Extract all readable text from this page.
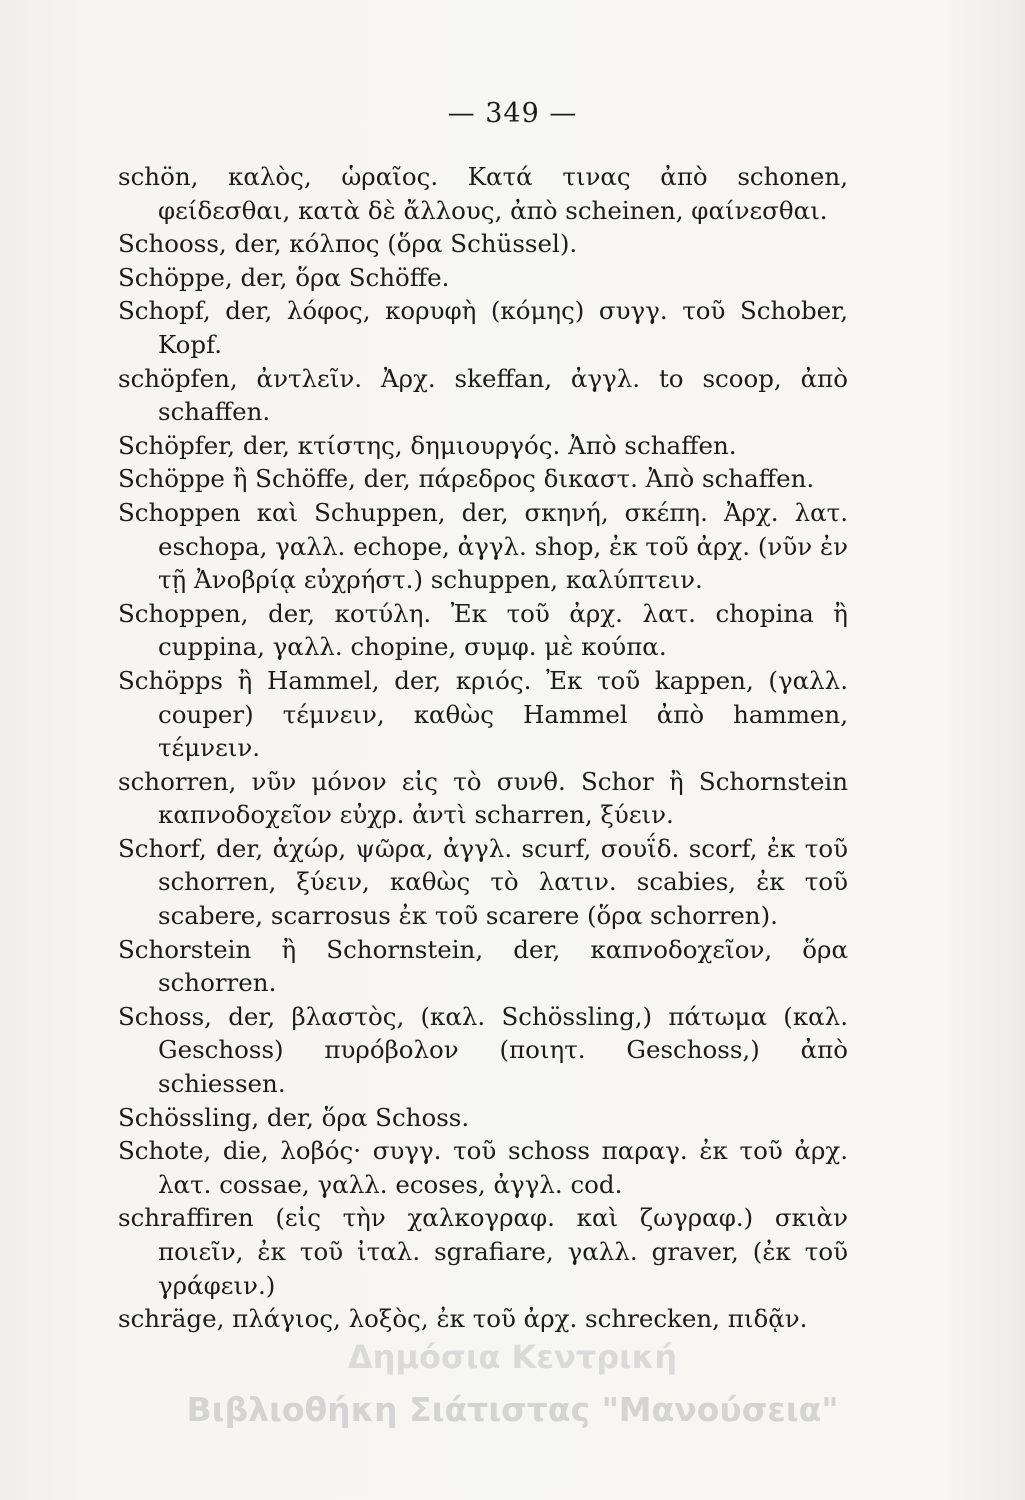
— 349 —

schön, καλὸς, ὡραῖος. Κατά τινας ἀπὸ schonen, φείδεσθαι, κατὰ δὲ ἄλλους, ἀπὸ scheinen, φαίνεσθαι.

Schooss, der, κόλπος (ὅρα Schüssel).

Schöppe, der, ὅρα Schöffe.

Schopf, der, λόφος, κορυφὴ (κόμης) συγγ. τοῦ Schober, Kopf.

schöpfen, ἀντλεῖν. Ἀρχ. skeffan, ἀγγλ. to scoop, ἀπὸ schaffen.

Schöpfer, der, κτίστης, δημιουργός. Ἀπὸ schaffen.

Schöppe ἢ Schöffe, der, πάρεδρος δικαστ. Ἀπὸ schaffen.

Schoppen καὶ Schuppen, der, σκηνή, σκέπη. Ἀρχ. λατ. eschopa, γαλλ. echope, ἀγγλ. shop, ἐκ τοῦ ἀρχ. (νῦν ἐν τῇ Ἀνοβρίᾳ εὐχρήστ.) schuppen, καλύπτειν.

Schoppen, der, κοτύλη. Ἐκ τοῦ ἀρχ. λατ. chopina ἢ cuppina, γαλλ. chopine, συμφ. μὲ κούπα.

Schöpps ἢ Hammel, der, κριός. Ἐκ τοῦ kappen, (γαλλ. couper) τέμνειν, καθὼς Hammel ἀπὸ hammen, τέμνειν.

schorren, νῦν μόνον εἰς τὸ συνθ. Schor ἢ Schornstein καπνοδοχεῖον εὐχρ. ἀντὶ scharren, ξύειν.

Schorf, der, ἀχώρ, ψῶρα, ἀγγλ. scurf, σουΐδ. scorf, ἐκ τοῦ schorren, ξύειν, καθὼς τὸ λατιν. scabies, ἐκ τοῦ scabere, scarrosus ἐκ τοῦ scarere (ὅρα schorren).

Schorstein ἢ Schornstein, der, καπνοδοχεῖον, ὅρα schorren.

Schoss, der, βλαστὸς, (καλ. Schössling,) πάτωμα (καλ. Geschoss) πυρόβολον (ποιητ. Geschoss,) ἀπὸ schiessen.

Schössling, der, ὅρα Schoss.

Schote, die, λοβός· συγγ. τοῦ schoss παραγ. ἐκ τοῦ ἀρχ. λατ. cossae, γαλλ. ecoses, ἀγγλ. cod.

schraffiren (εἰς τὴν χαλκογραφ. καὶ ζωγραφ.) σκιὰν ποιεῖν, ἐκ τοῦ ἰταλ. sgrafiare, γαλλ. graver, (ἐκ τοῦ γράφειν.)

schräge, πλάγιος, λοξὸς, ἐκ τοῦ ἀρχ. schrecken, πιδᾷν.

Δημόσια Κεντρική
Βιβλιοθήκη Σιάτιστας "Μανούσεια"
